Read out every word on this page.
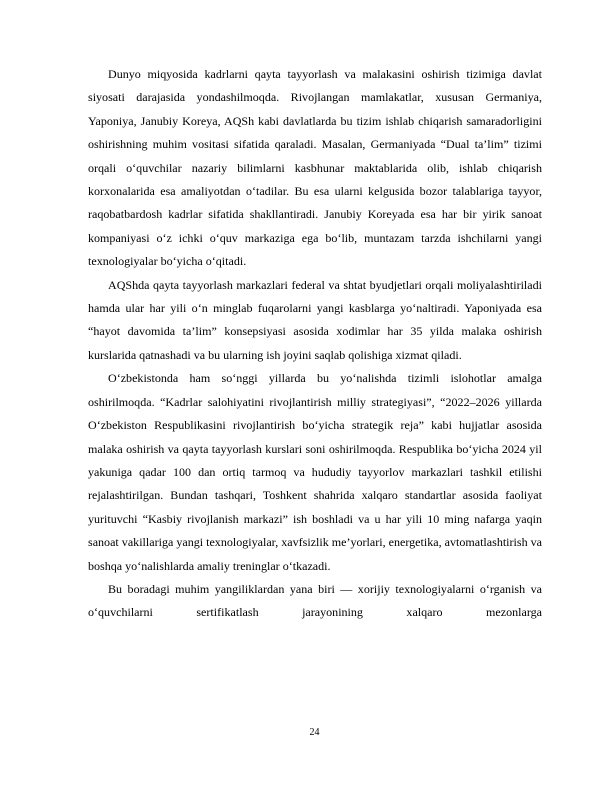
Dunyo miqyosida kadrlarni qayta tayyorlash va malakasini oshirish tizimiga davlat siyosati darajasida yondashilmoqda. Rivojlangan mamlakatlar, xususan Germaniya, Yaponiya, Janubiy Koreya, AQSh kabi davlatlarda bu tizim ishlab chiqarish samaradorligini oshirishning muhim vositasi sifatida qaraladi. Masalan, Germaniyada “Dual ta’lim” tizimi orqali o‘quvchilar nazariy bilimlarni kasbhunar maktablarida olib, ishlab chiqarish korxonalarida esa amaliyotdan o‘tadilar. Bu esa ularni kelgusida bozor talablariga tayyor, raqobatbardosh kadrlar sifatida shakllantiradi. Janubiy Koreyada esa har bir yirik sanoat kompaniyasi o‘z ichki o‘quv markaziga ega bo‘lib, muntazam tarzda ishchilarni yangi texnologiyalar bo‘yicha o‘qitadi.

AQShda qayta tayyorlash markazlari federal va shtat byudjetlari orqali moliyalashtiriladi hamda ular har yili o‘n minglab fuqarolarni yangi kasblarga yo‘naltiradi. Yaponiyada esa “hayot davomida ta’lim” konsepsiyasi asosida xodimlar har 35 yilda malaka oshirish kurslarida qatnashadi va bu ularning ish joyini saqlab qolishiga xizmat qiladi.

O‘zbekistonda ham so‘nggi yillarda bu yo‘nalishda tizimli islohotlar amalga oshirilmoqda. “Kadrlar salohiyatini rivojlantirish milliy strategiyasi”, “2022–2026 yillarda O‘zbekiston Respublikasini rivojlantirish bo‘yicha strategik reja” kabi hujjatlar asosida malaka oshirish va qayta tayyorlash kurslari soni oshirilmoqda. Respublika bo‘yicha 2024 yil yakuniga qadar 100 dan ortiq tarmoq va hududiy tayyorlov markazlari tashkil etilishi rejalashtirilgan. Bundan tashqari, Toshkent shahrida xalqaro standartlar asosida faoliyat yurituvchi “Kasbiy rivojlanish markazi” ish boshladi va u har yili 10 ming nafarga yaqin sanoat vakillariga yangi texnologiyalar, xavfsizlik me’yorlari, energetika, avtomatlashtirish va boshqa yo‘nalishlarda amaliy treninglar o‘tkazadi.

Bu boradagi muhim yangiliklardan yana biri — xorijiy texnologiyalarni o‘rganish va o‘quvchilarni sertifikatlash jarayonining xalqaro mezonlarga

24
